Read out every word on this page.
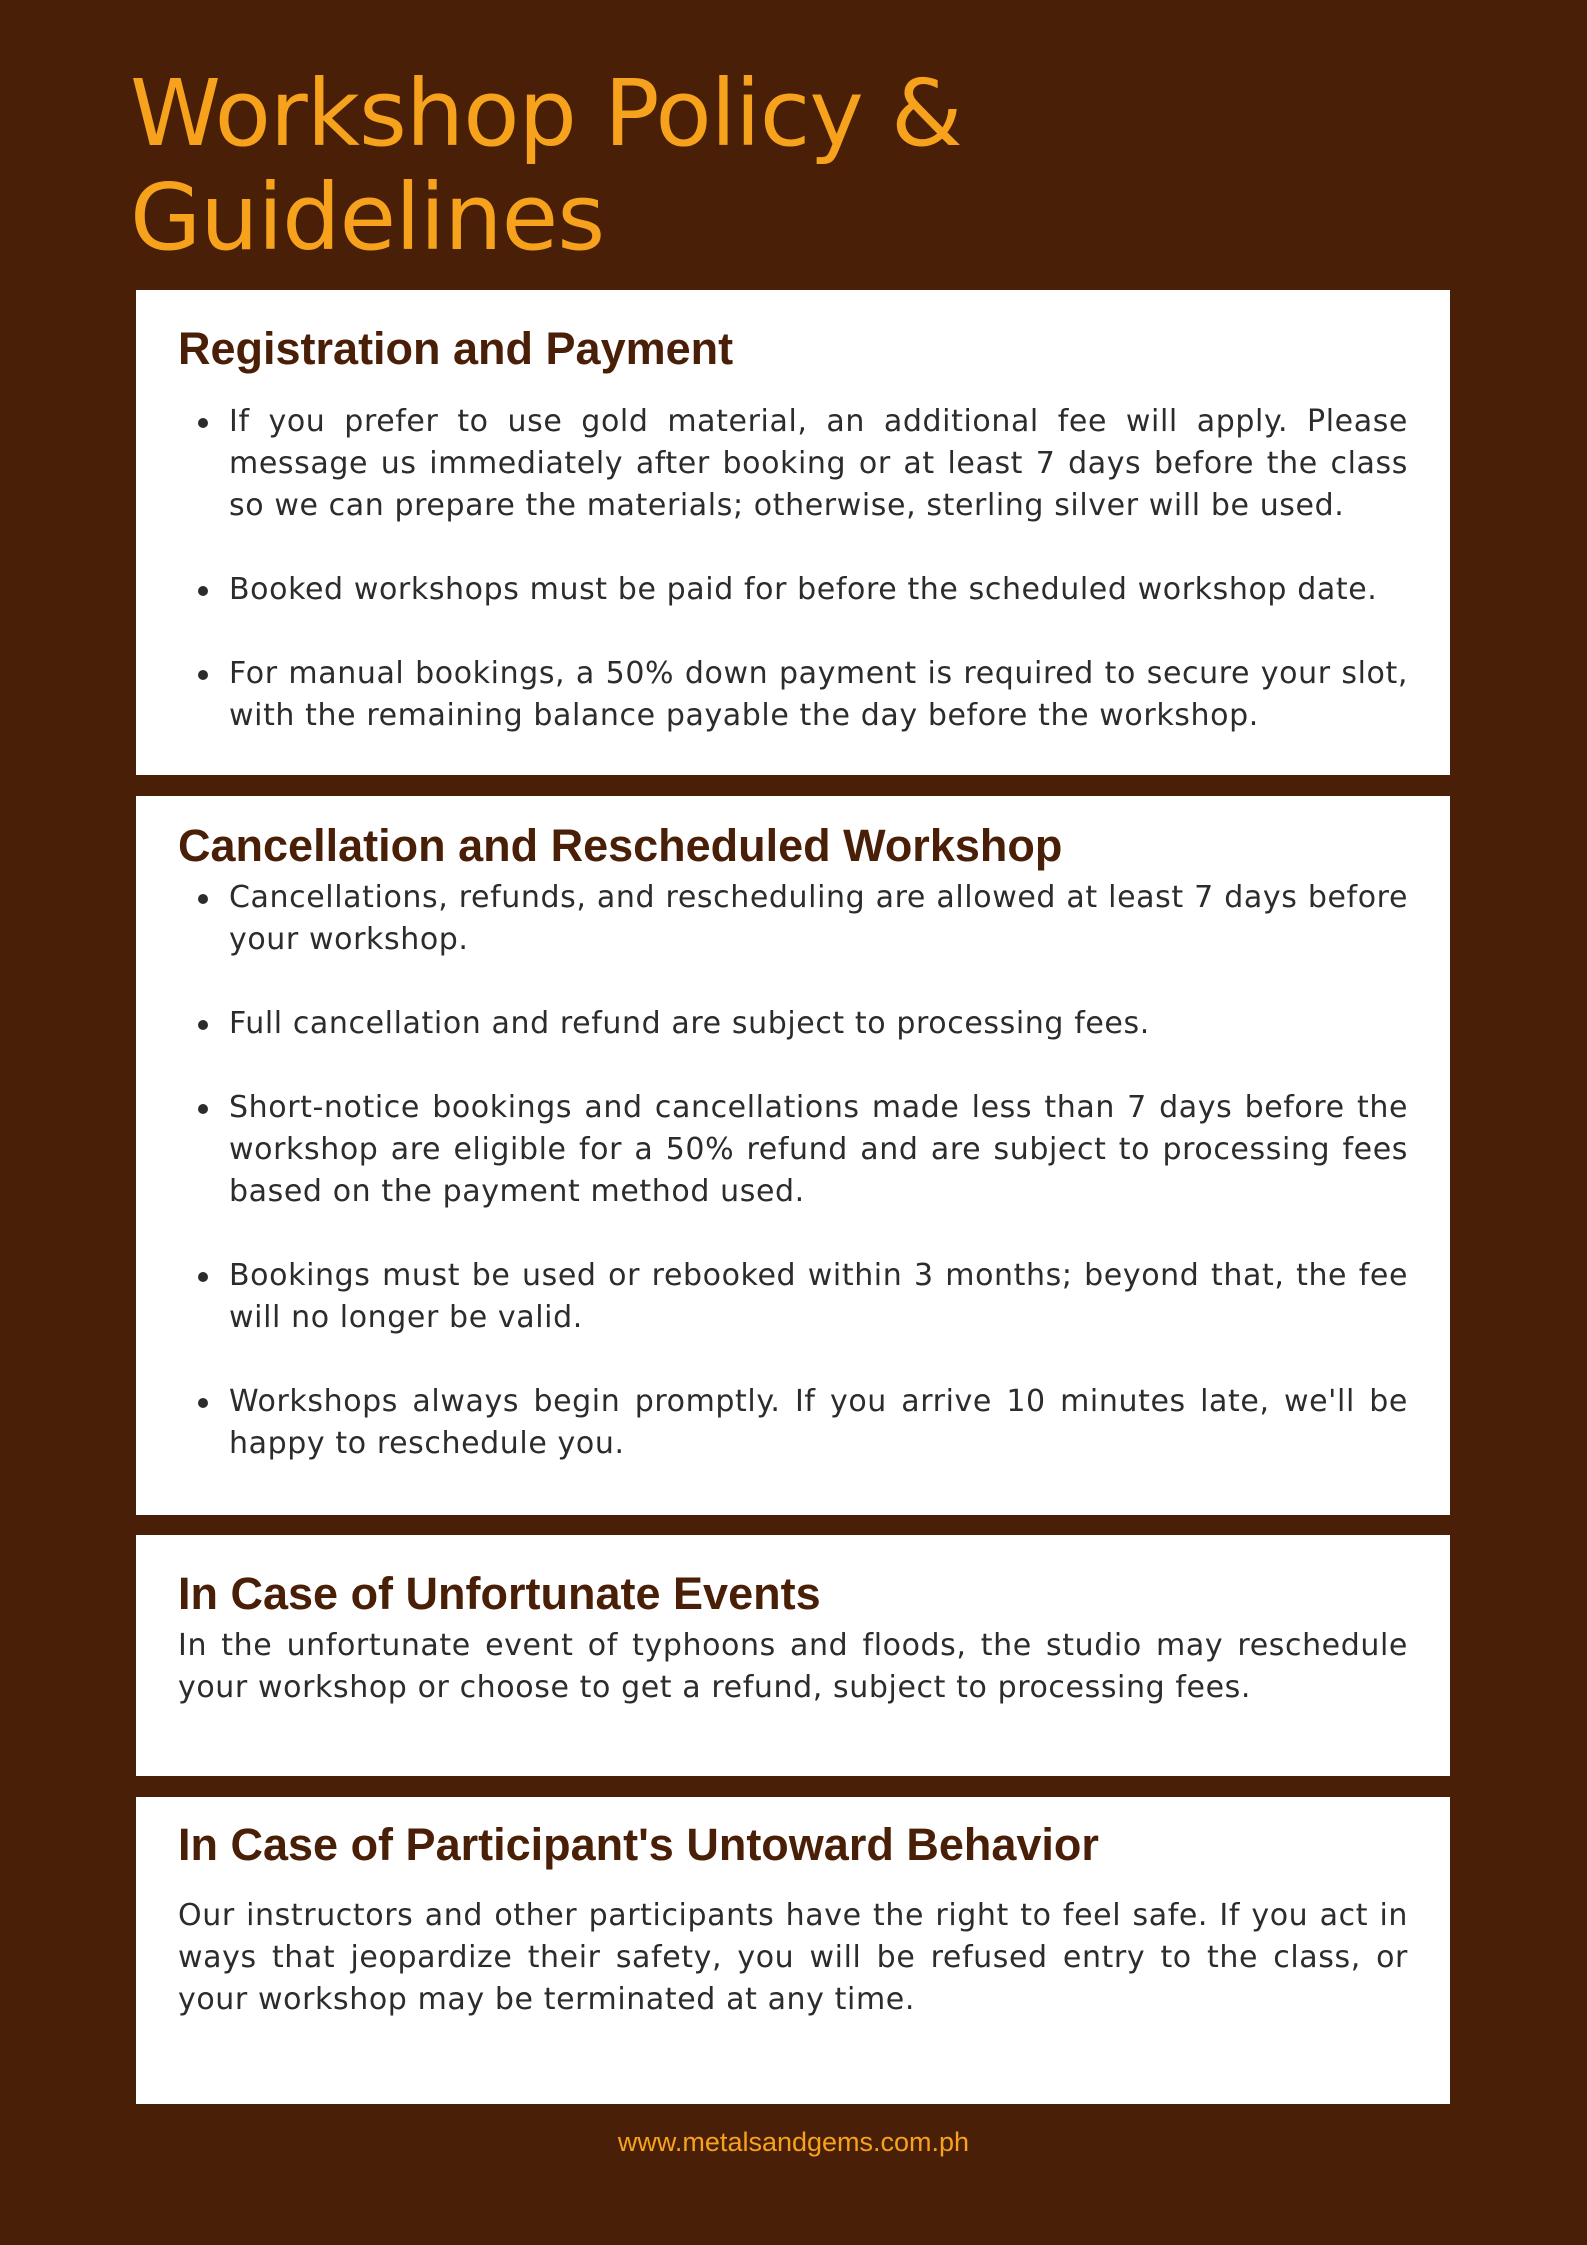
Workshop Policy &
Guidelines
Registration and Payment
If you prefer to use gold material, an additional fee will apply. Please message us immediately after booking or at least 7 days before the class so we can prepare the materials; otherwise, sterling silver will be used.
Booked workshops must be paid for before the scheduled workshop date.
For manual bookings, a 50% down payment is required to secure your slot, with the remaining balance payable the day before the workshop.
Cancellation and Rescheduled Workshop
Cancellations, refunds, and rescheduling are allowed at least 7 days before your workshop.
Full cancellation and refund are subject to processing fees.
Short-notice bookings and cancellations made less than 7 days before the workshop are eligible for a 50% refund and are subject to processing fees based on the payment method used.
Bookings must be used or rebooked within 3 months; beyond that, the fee will no longer be valid.
Workshops always begin promptly. If you arrive 10 minutes late, we'll be happy to reschedule you.
In Case of Unfortunate Events

In the unfortunate event of typhoons and floods, the studio may reschedule your workshop or choose to get a refund, subject to processing fees.

In Case of Participant's Untoward Behavior

Our instructors and other participants have the right to feel safe. If you act in ways that jeopardize their safety, you will be refused entry to the class, or your workshop may be terminated at any time.

www.metalsandgems.com.ph
